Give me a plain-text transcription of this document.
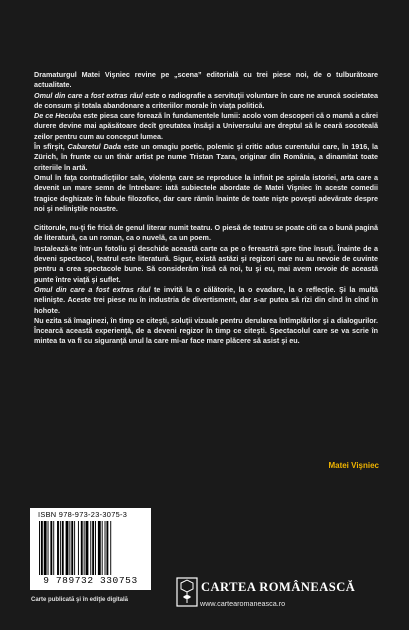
Dramaturgul Matei Vişniec revine pe „scena” editorială cu trei piese noi, de o tulburătoare actualitate.

Omul din care a fost extras răul este o radiografie a servituţii voluntare în care ne aruncă societatea de consum şi totala abandonare a criteriilor morale în viaţa politică.

De ce Hecuba este piesa care forează în fundamentele lumii: acolo vom descoperi că o mamă a cărei durere devine mai apăsătoare decît greutatea însăşi a Universului are dreptul să le ceară socoteală zeilor pentru cum au conceput lumea.

În sfîrşit, Cabaretul Dada este un omagiu poetic, polemic şi critic adus curentului care, în 1916, la Zürich, în frunte cu un tînăr artist pe nume Tristan Tzara, originar din România, a dinamitat toate criteriile în artă.

Omul în faţa contradicţiilor sale, violenţa care se reproduce la infinit pe spirala istoriei, arta care a devenit un mare semn de întrebare: iată subiectele abordate de Matei Vişniec în aceste comedii tragice deghizate în fabule filozofice, dar care rămîn înainte de toate nişte poveşti adevărate despre noi şi neliniştile noastre.

Cititorule, nu-ţi fie frică de genul literar numit teatru. O piesă de teatru se poate citi ca o bună pagină de literatură, ca un roman, ca o nuvelă, ca un poem.

Instalează-te într-un fotoliu şi deschide această carte ca pe o fereastră spre tine însuţi. Înainte de a deveni spectacol, teatrul este literatură. Sigur, există astăzi şi regizori care nu au nevoie de cuvinte pentru a crea spectacole bune. Să considerăm însă că noi, tu şi eu, mai avem nevoie de această punte între viaţă şi suflet.

Omul din care a fost extras răul te invită la o călătorie, la o evadare, la o reflecţie. Şi la multă nelinişte. Aceste trei piese nu în industria de divertisment, dar s-ar putea să rîzi din cînd în cînd în hohote.

Nu ezita să îmaginezi, în timp ce citeşti, soluţii vizuale pentru derularea întîmplărilor şi a dialogurilor. Încearcă această experienţă, de a deveni regizor în timp ce citeşti. Spectacolul care se va scrie în mintea ta va fi cu siguranţă unul la care mi-ar face mare plăcere să asist şi eu.

Matei Vişniec
ISBN 978-973-23-3075-3
9 789732 330753
Carte publicată şi în ediţie digitală
CARTEA ROMÂNEASCĂ
www.cartearomaneasca.ro
